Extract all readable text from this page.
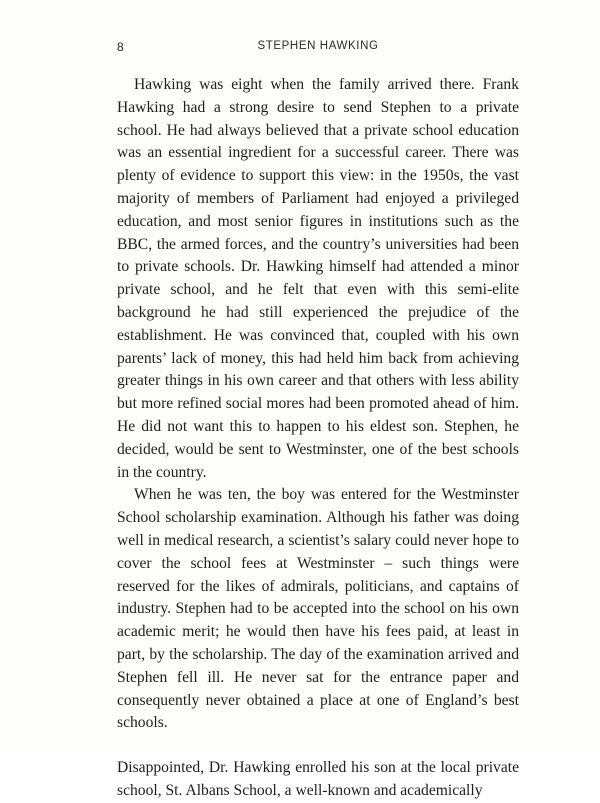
8	STEPHEN HAWKING

Hawking was eight when the family arrived there. Frank Hawking had a strong desire to send Stephen to a private school. He had always believed that a private school education was an essential ingredient for a successful career. There was plenty of evidence to support this view: in the 1950s, the vast majority of members of Parliament had enjoyed a privileged education, and most senior figures in institutions such as the BBC, the armed forces, and the country’s universities had been to private schools. Dr. Hawking himself had attended a minor private school, and he felt that even with this semi-elite background he had still experienced the prejudice of the establishment. He was convinced that, coupled with his own parents’ lack of money, this had held him back from achieving greater things in his own career and that others with less ability but more refined social mores had been promoted ahead of him. He did not want this to happen to his eldest son. Stephen, he decided, would be sent to Westminster, one of the best schools in the country.

When he was ten, the boy was entered for the Westminster School scholarship examination. Although his father was doing well in medical research, a scientist’s salary could never hope to cover the school fees at Westminster – such things were reserved for the likes of admirals, politicians, and captains of industry. Stephen had to be accepted into the school on his own academic merit; he would then have his fees paid, at least in part, by the scholarship. The day of the examination arrived and Stephen fell ill. He never sat for the entrance paper and consequently never obtained a place at one of England’s best schools.

Disappointed, Dr. Hawking enrolled his son at the local private school, St. Albans School, a well-known and academically
